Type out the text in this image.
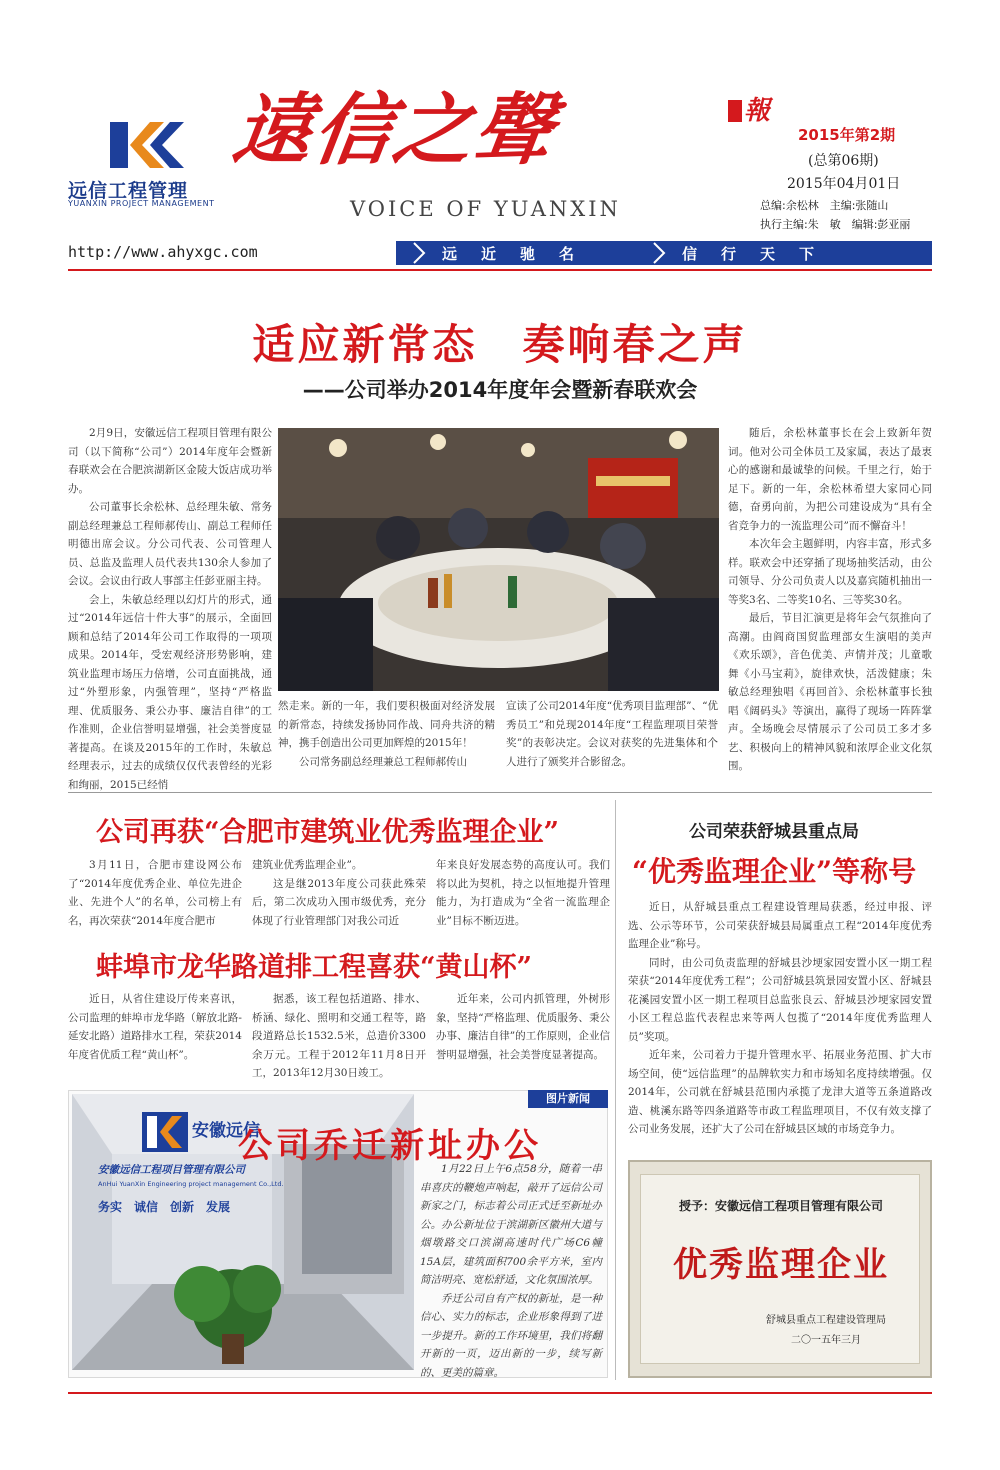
远信工程管理
YUANXIN PROJECT MANAGEMENT
遠信之聲	報
VOICE OF YUANXIN
2015年第2期
(总第06期)
2015年04月01日
总编:余松林　主编:张随山
执行主编:朱　敏　编辑:彭亚丽
http://www.ahyxgc.com	远近驰名	信行天下
适应新常态　奏响春之声
——公司举办2014年度年会暨新春联欢会

2月9日，安徽远信工程项目管理有限公司（以下简称“公司”）2014年度年会暨新春联欢会在合肥滨湖新区金陵大饭店成功举办。

公司董事长余松林、总经理朱敏、常务副总经理兼总工程师郝传山、副总工程师任明德出席会议。分公司代表、公司管理人员、总监及监理人员代表共130余人参加了会议。会议由行政人事部主任彭亚丽主持。

会上，朱敏总经理以幻灯片的形式，通过“2014年远信十件大事”的展示，全面回顾和总结了2014年公司工作取得的一项项成果。2014年，受宏观经济形势影响，建筑业监理市场压力倍增，公司直面挑战，通过“外塑形象，内强管理”，坚持“严格监理、优质服务、秉公办事、廉洁自律”的工作准则，企业信誉明显增强，社会美誉度显著提高。在谈及2015年的工作时，朱敏总经理表示，过去的成绩仅仅代表曾经的光彩和绚丽，2015已经悄

然走来。新的一年，我们要积极面对经济发展的新常态，持续发扬协同作战、同舟共济的精神，携手创造出公司更加辉煌的2015年！

公司常务副总经理兼总工程师郝传山

宣读了公司2014年度“优秀项目监理部”、“优秀员工”和兑现2014年度“工程监理项目荣誉奖”的表彰决定。会议对获奖的先进集体和个人进行了颁奖并合影留念。

随后，余松林董事长在会上致新年贺词。他对公司全体员工及家属，表达了最衷心的感谢和最诚挚的问候。千里之行，始于足下。新的一年，余松林希望大家同心同德，奋勇向前，为把公司建设成为“具有全省竞争力的一流监理公司”而不懈奋斗！

本次年会主题鲜明，内容丰富，形式多样。联欢会中还穿插了现场抽奖活动，由公司领导、分公司负责人以及嘉宾随机抽出一等奖3名、二等奖10名、三等奖30名。

最后，节目汇演更是将年会气氛推向了高潮。由阎商国贸监理部女生演唱的美声《欢乐颂》，音色优美、声情并茂；儿童歌舞《小马宝莉》，旋律欢快，活泼健康；朱敏总经理独唱《再回首》、余松林董事长独唱《阔码头》等演出，赢得了现场一阵阵掌声。全场晚会尽情展示了公司员工多才多艺、积极向上的精神风貌和浓厚企业文化氛围。

公司再获“合肥市建筑业优秀监理企业”

3月11日，合肥市建设网公布了“2014年度优秀企业、单位先进企业、先进个人”的名单，公司榜上有名，再次荣获“2014年度合肥市

建筑业优秀监理企业”。

这是继2013年度公司获此殊荣后，第二次成功入围市级优秀，充分体现了行业管理部门对我公司近

年来良好发展态势的高度认可。我们将以此为契机，持之以恒地提升管理能力，为打造成为“全省一流监理企业”目标不断迈进。

蚌埠市龙华路道排工程喜获“黄山杯”

近日，从省住建设厅传来喜讯，公司监理的蚌埠市龙华路（解放北路-延安北路）道路排水工程，荣获2014年度省优质工程“黄山杯”。

据悉，该工程包括道路、排水、桥涵、绿化、照明和交通工程等，路段道路总长1532.5米，总造价3300余万元。工程于2012年11月8日开工，2013年12月30日竣工。

近年来，公司内抓管理，外树形象，坚持“严格监理、优质服务、秉公办事、廉洁自律”的工作原则，企业信誉明显增强，社会美誉度显著提高。

公司荣获舒城县重点局
“优秀监理企业”等称号

近日，从舒城县重点工程建设管理局获悉，经过申报、评选、公示等环节，公司荣获舒城县局属重点工程“2014年度优秀监理企业”称号。

同时，由公司负责监理的舒城县沙埂家园安置小区一期工程荣获“2014年度优秀工程”；公司舒城县筑景园安置小区、舒城县花溪园安置小区一期工程项目总监张良云、舒城县沙埂家园安置小区工程总监代表程忠来等两人包揽了“2014年度优秀监理人员”奖项。

近年来，公司着力于提升管理水平、拓展业务范围、扩大市场空间，使“远信监理”的品牌软实力和市场知名度持续增强。仅2014年，公司就在舒城县范围内承揽了龙津大道等五条道路改造、桃溪东路等四条道路等市政工程监理项目，不仅有效支撑了公司业务发展，还扩大了公司在舒城县区域的市场竞争力。

安徽远信
安徽远信工程项目管理有限公司
AnHui YuanXin Engineering project management Co.,Ltd.
务实　诚信　创新　发展
图片新闻
公司乔迁新址办公

1月22日上午6点58分，随着一串串喜庆的鞭炮声响起，敲开了远信公司新家之门，标志着公司正式迁至新址办公。办公新址位于滨湖新区徽州大道与烟墩路交口滨湖高速时代广场C6幢15A层，建筑面积700余平方米，室内简洁明亮、宽松舒适，文化氛围浓厚。

乔迁公司自有产权的新址，是一种信心、实力的标志，企业形象得到了进一步提升。新的工作环境里，我们将翻开新的一页，迈出新的一步，续写新的、更美的篇章。

授予：安徽远信工程项目管理有限公司
优秀监理企业
舒城县重点工程建设管理局
二〇一五年三月
